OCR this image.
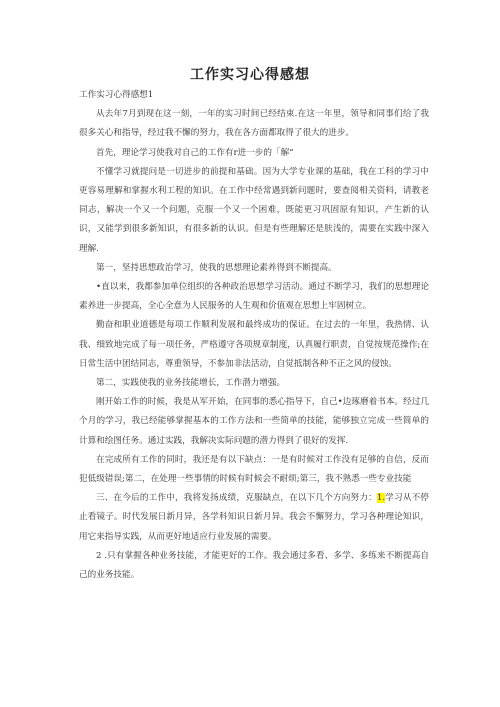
工作实习心得感想

工作实习心得感想1

从去年7月到现在这一刻，一年的实习时间已经结束.在这一年里，领导和同事们给了我很多关心和指导，经过我不懈的努力，我在各方面都取得了很大的进步。

首先，理论学习使我对自己的工作有r进一步的「解“

不懂学习就提问是一切进步的前提和基础。因为大学专业课的基础，我在工科的学习中更容易理解和掌握水利工程的知识。在工作中经常遇到新问题时，要查阅相关资料，请教老同志，解决一个又一个问题，克服一个又一个困难，既能更习巩固原有知识，产生新的认识，又能学到很多新知识，有很多新的认识。但是有些理解还是肤浅的，需要在实践中深入理解.

第一，坚持思想政治学习，使我的思想理论素养得到不断提高。

•直以来，我都参加单位组织的各种政治思想学习活动。通过不断学习，我们的思想理论素养进一步提高，全心全意为人民服务的人生观和价值观在思想上牢固树立。

勤奋和职业道德是每项工作顺利发展和最终成功的保证。在过去的一年里，我热情、认我、细致地完成了每一项任务，严格遵守各项规章制度，认真履行职责，自觉按规范操作;在日常生活中团结同志，尊重领导，不参加非法活动，自觉抵制各种不正之风的侵蚀。

第二，实践使我的业务技能增长，工作潜力增强。

刚开始工作的时候，我是从军开始，在同事的悉心指导下，自己•边琢磨着书本。经过几个月的学习，我已经能够掌握基本的工作方法和一些简单的技能，能够独立完成一些简单的计算和绘图任务。通过实践，我解决实际问题的潜力得到了很好的发挥.

在完成所有工作的同时，我还是有以下缺点：一是有时候对工作没有足够的自信，反而犯低级错误;第二，在处理一些事情的时候有时候会不耐烦;第三，我不熟悉一些专业技能

三、在今后的工作中，我将发扬成绩，克服缺点，在以下几个方向努力：1.学习从不停止看镜子。时代发展日新月异，各学科知识日新月异。我会不懈努力，学习各种理论知识，用它来指导实践，从而更好地适应行业发展的需要。

2 .只有掌握各种业务技能，才能更好的工作。我会通过多看、多学、多练来不断提高自己的业务技能。
